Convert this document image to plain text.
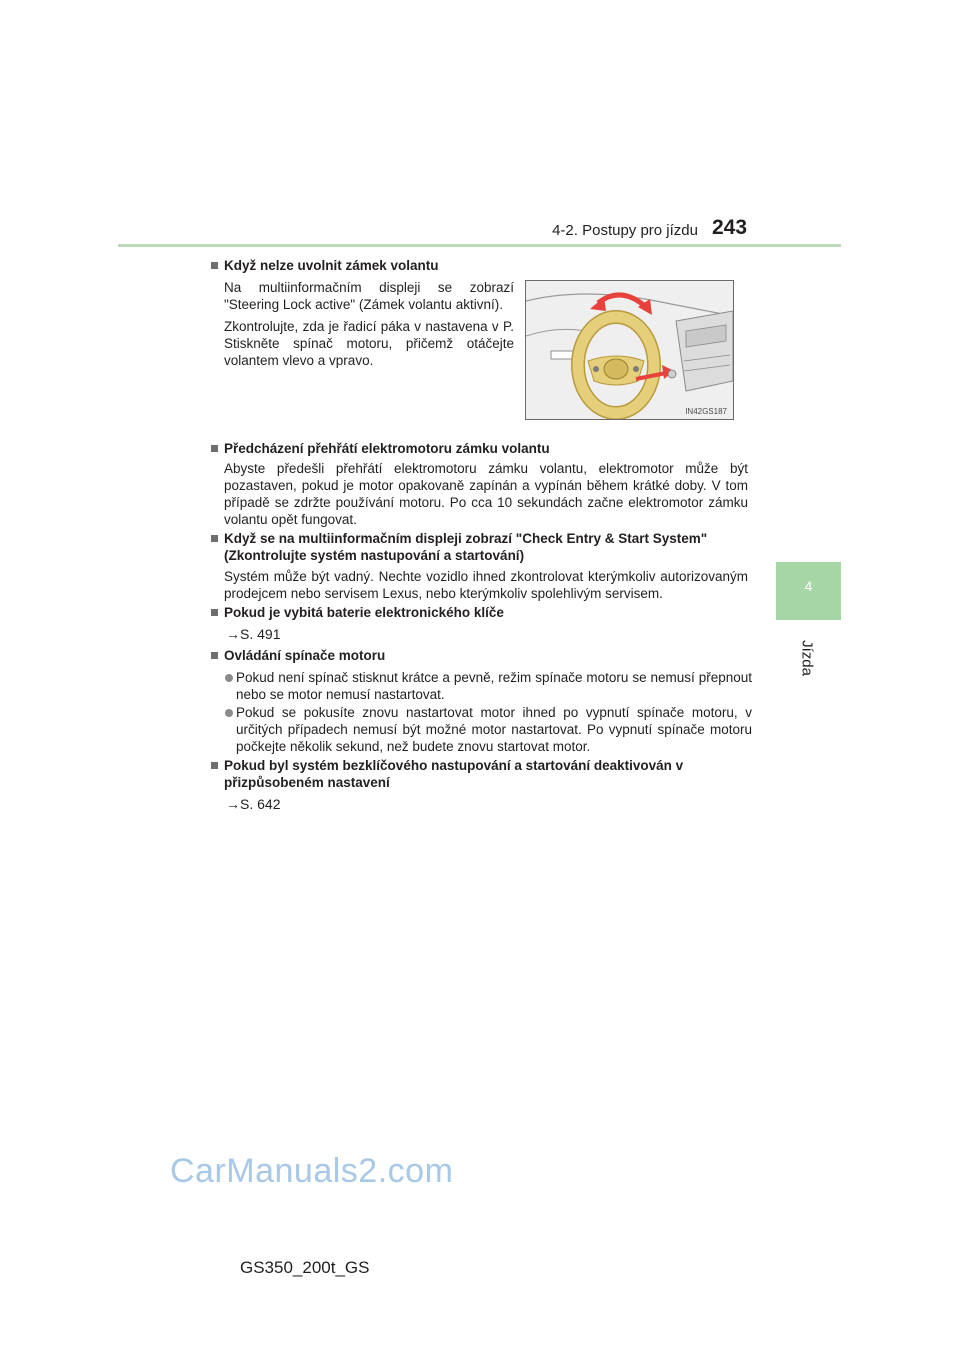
4-2. Postupy pro jízdu 243
4
Jízda
Když nelze uvolnit zámek volantu
Na multiinformačním displeji se zobrazí "Steering Lock active" (Zámek volantu aktivní).
Zkontrolujte, zda je řadicí páka v nastavena v P. Stiskněte spínač motoru, přičemž otáčejte volantem vlevo a vpravo.
IN42GS187
Předcházení přehřátí elektromotoru zámku volantu
Abyste předešli přehřátí elektromotoru zámku volantu, elektromotor může být pozastaven, pokud je motor opakovaně zapínán a vypínán během krátké doby. V tom případě se zdržte používání motoru. Po cca 10 sekundách začne elektromotor zámku volantu opět fungovat.
Když se na multiinformačním displeji zobrazí "Check Entry & Start System" (Zkontrolujte systém nastupování a startování)
Systém může být vadný. Nechte vozidlo ihned zkontrolovat kterýmkoliv autorizovaným prodejcem nebo servisem Lexus, nebo kterýmkoliv spolehlivým servisem.
Pokud je vybitá baterie elektronického klíče
→S. 491
Ovládání spínače motoru
Pokud není spínač stisknut krátce a pevně, režim spínače motoru se nemusí přepnout nebo se motor nemusí nastartovat.
Pokud se pokusíte znovu nastartovat motor ihned po vypnutí spínače motoru, v určitých případech nemusí být možné motor nastartovat. Po vypnutí spínače motoru počkejte několik sekund, než budete znovu startovat motor.
Pokud byl systém bezklíčového nastupování a startování deaktivován v přizpůsobeném nastavení
→S. 642
CarManuals2.com
GS350_200t_GS
